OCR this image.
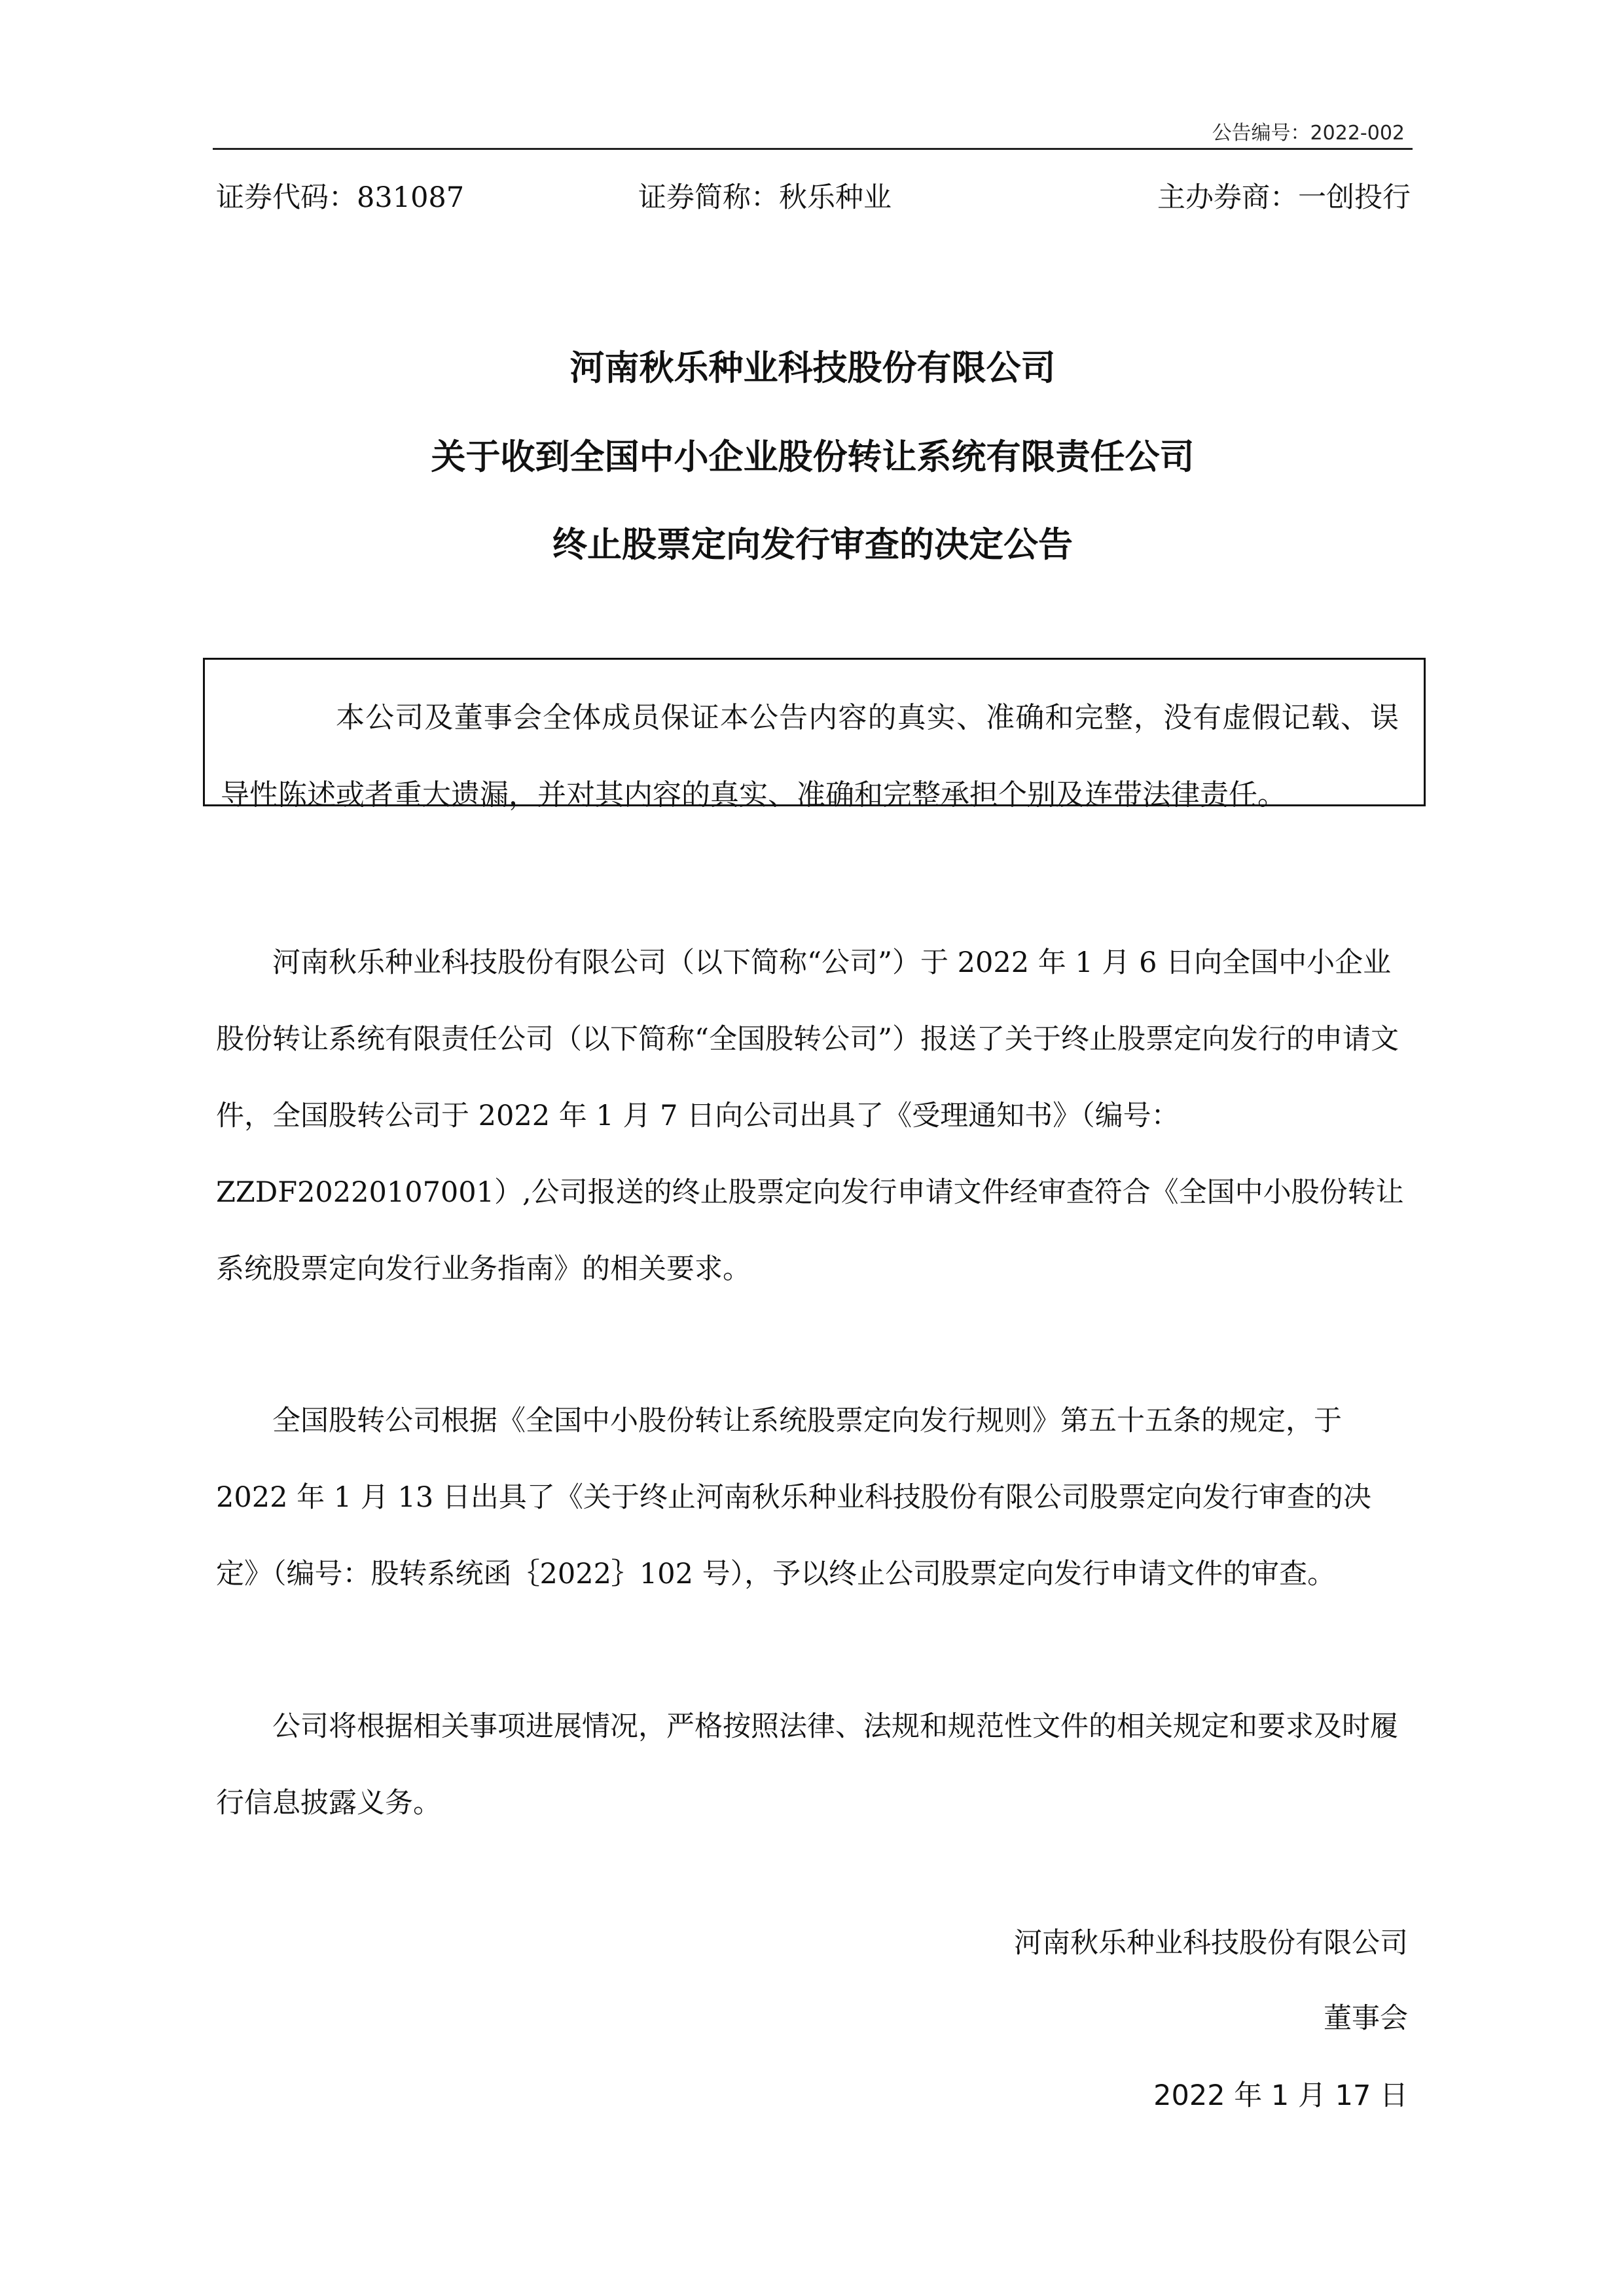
公告编号：2022-002
证券代码：831087	证券简称：秋乐种业	主办券商：一创投行
河南秋乐种业科技股份有限公司
关于收到全国中小企业股份转让系统有限责任公司
终止股票定向发行审查的决定公告

本公司及董事会全体成员保证本公告内容的真实、准确和完整，没有虚假记载、误导性陈述或者重大遗漏，并对其内容的真实、准确和完整承担个别及连带法律责任。

河南秋乐种业科技股份有限公司（以下简称“公司”）于 2022 年 1 月 6 日向全国中小企业股份转让系统有限责任公司（以下简称“全国股转公司”）报送了关于终止股票定向发行的申请文件，全国股转公司于 2022 年 1 月 7 日向公司出具了《受理通知书》（编号：ZZDF20220107001）,公司报送的终止股票定向发行申请文件经审查符合《全国中小股份转让系统股票定向发行业务指南》的相关要求。

全国股转公司根据《全国中小股份转让系统股票定向发行规则》第五十五条的规定，于 2022 年 1 月 13 日出具了《关于终止河南秋乐种业科技股份有限公司股票定向发行审查的决定》（编号：股转系统函｛2022｝102 号），予以终止公司股票定向发行申请文件的审查。

公司将根据相关事项进展情况，严格按照法律、法规和规范性文件的相关规定和要求及时履行信息披露义务。

河南秋乐种业科技股份有限公司
董事会
2022 年 1 月 17 日
